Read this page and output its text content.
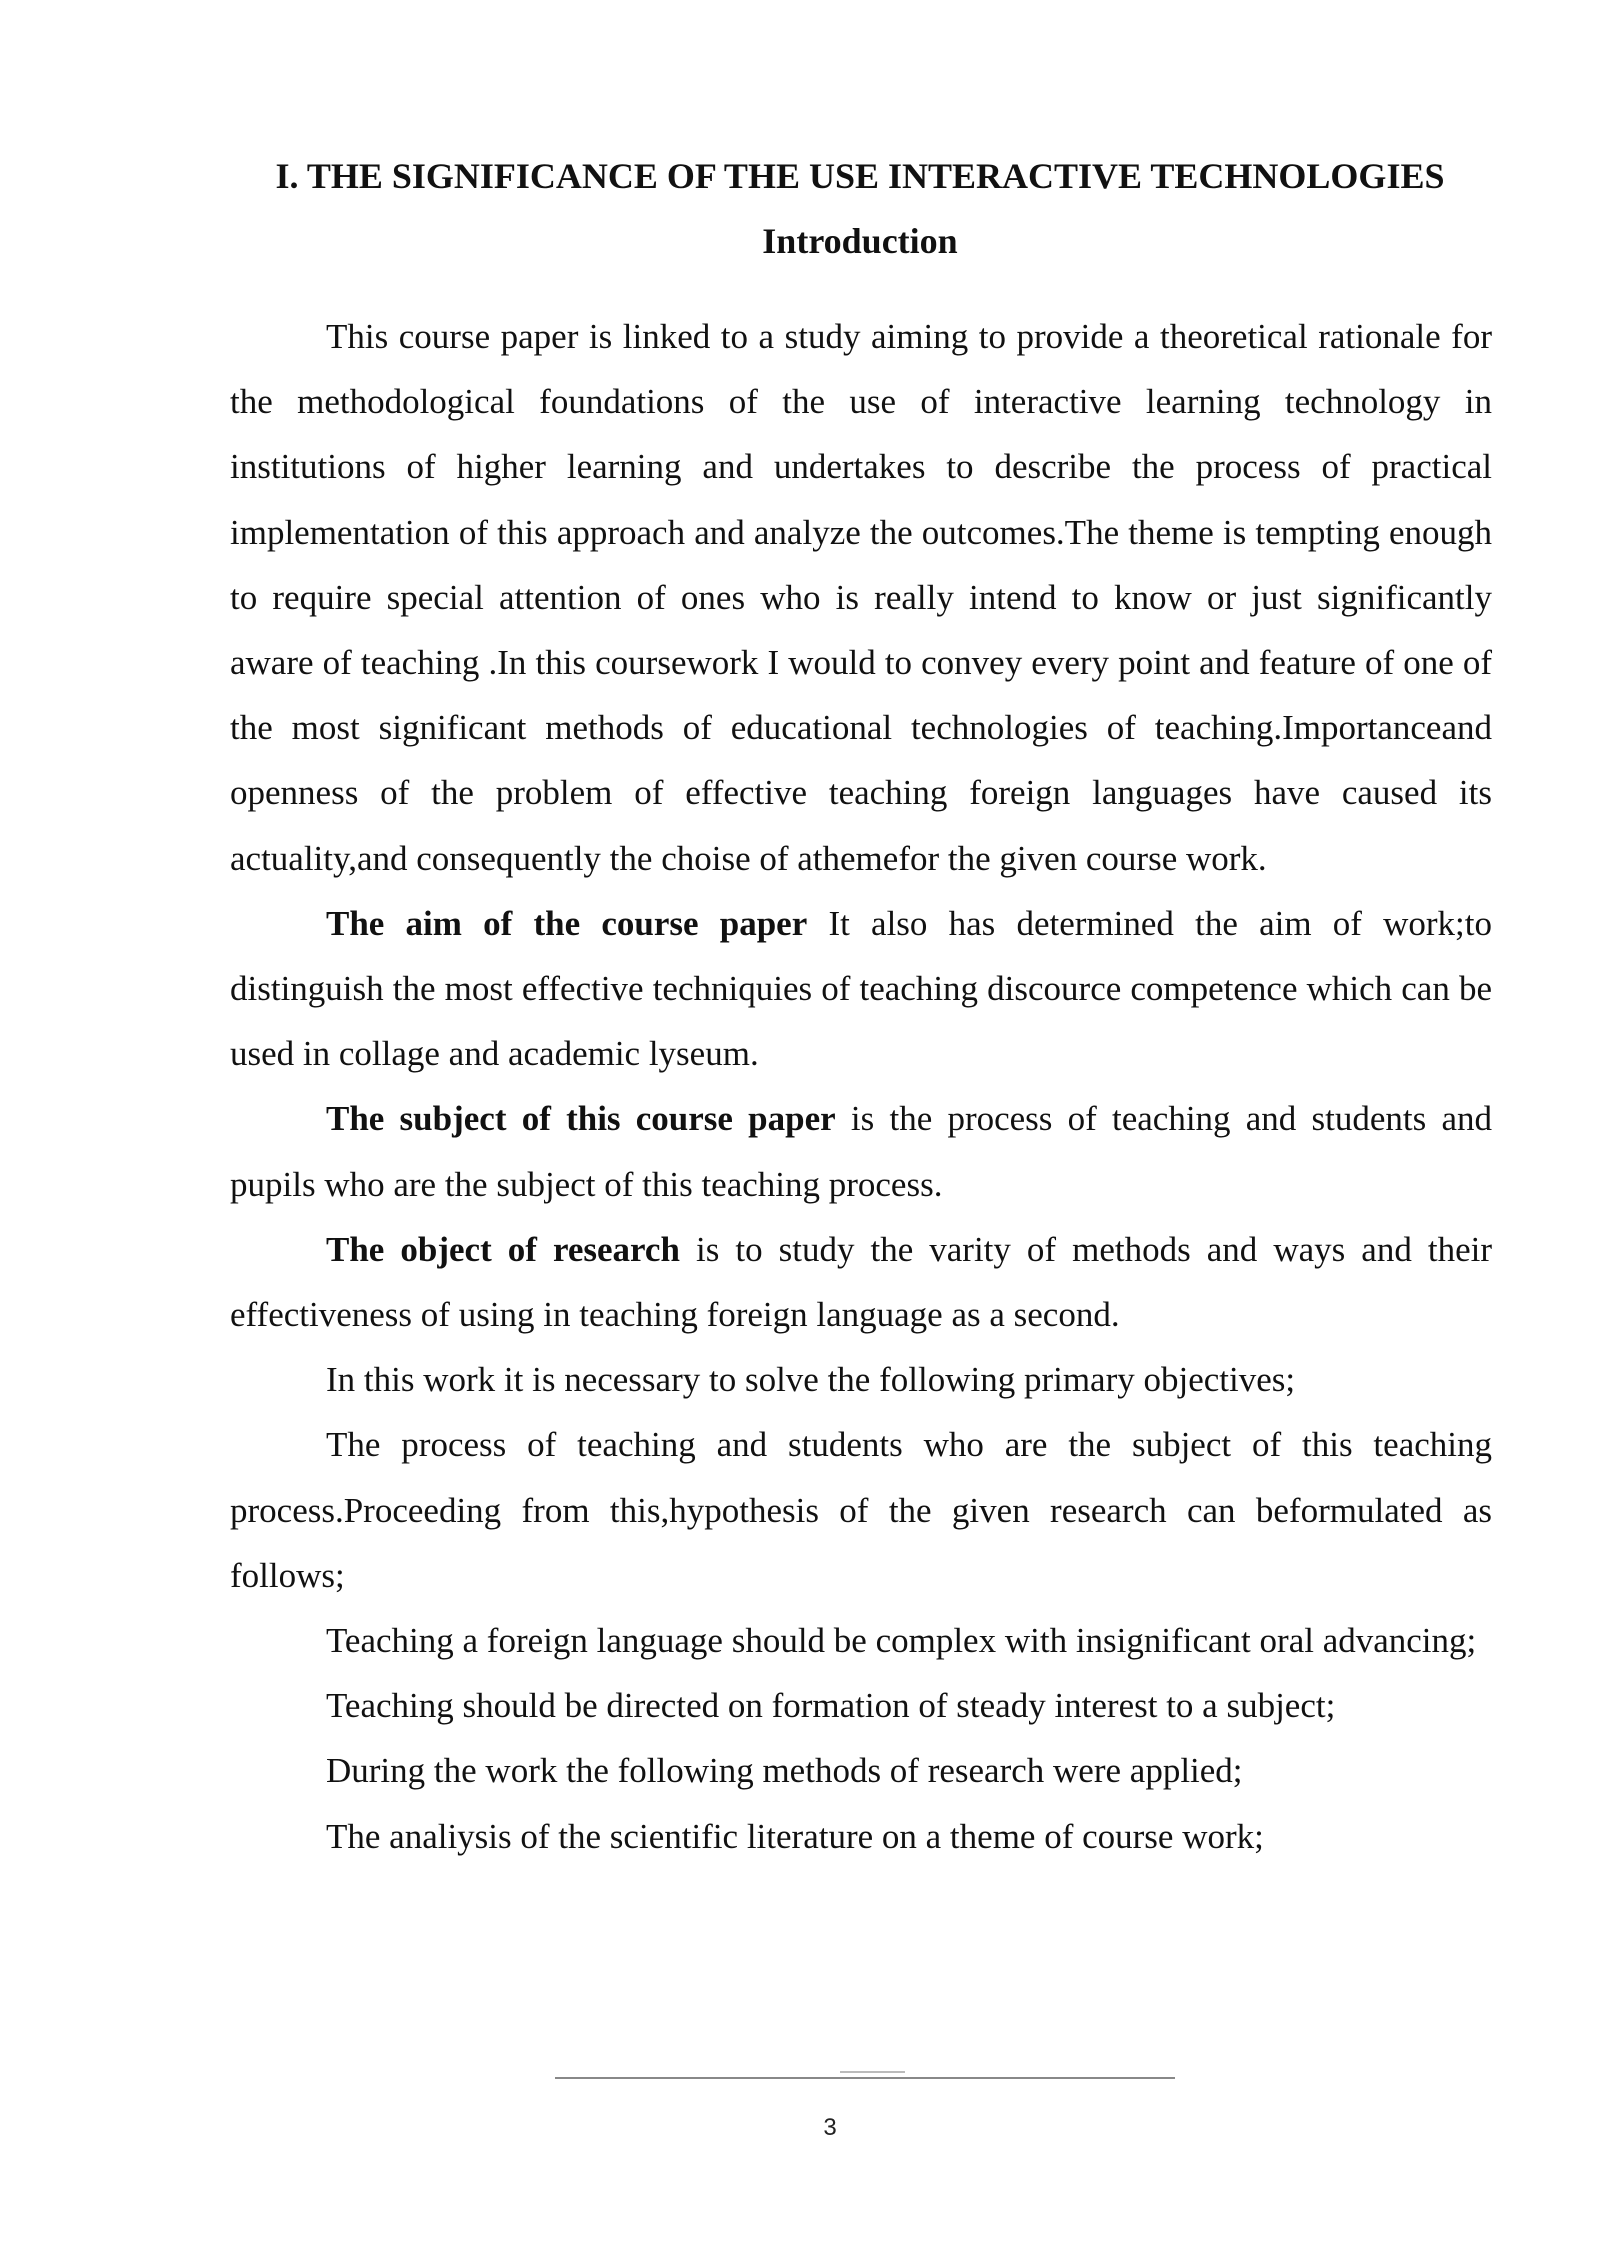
I. THE SIGNIFICANCE OF THE USE INTERACTIVE TECHNOLOGIES
Introduction

This course paper is linked to a study aiming to provide a theoretical rationale for the methodological foundations of the use of interactive learning technology in institutions of higher learning and undertakes to describe the process of practical implementation of this approach and analyze the outcomes.The theme is tempting enough to require special attention of ones who is really intend to know or just significantly aware of teaching .In this coursework I would to convey every point and feature of one of the most significant methods of educational technologies of teaching.Importanceand openness of the problem of effective teaching foreign languages have caused its actuality,and consequently the choise of athemefor the given course work.

The aim of the course paper It also has determined the aim of work;to distinguish the most effective techniquies of teaching discource competence which can be used in collage and academic lyseum.

The subject of this course paper is the process of teaching and students and pupils who are the subject of this teaching process.

The object of research is to study the varity of methods and ways and their effectiveness of using in teaching foreign language as a second.

In this work it is necessary to solve the following primary objectives;

The process of teaching and students who are the subject of this teaching process.Proceeding from this,hypothesis of the given research can beformulated as follows;

Teaching a foreign language should be complex with insignificant oral advancing;

Teaching should be directed on formation of steady interest to a subject;

During the work the following methods of research were applied;

The analiysis of the scientific literature on a theme of course work;

3
